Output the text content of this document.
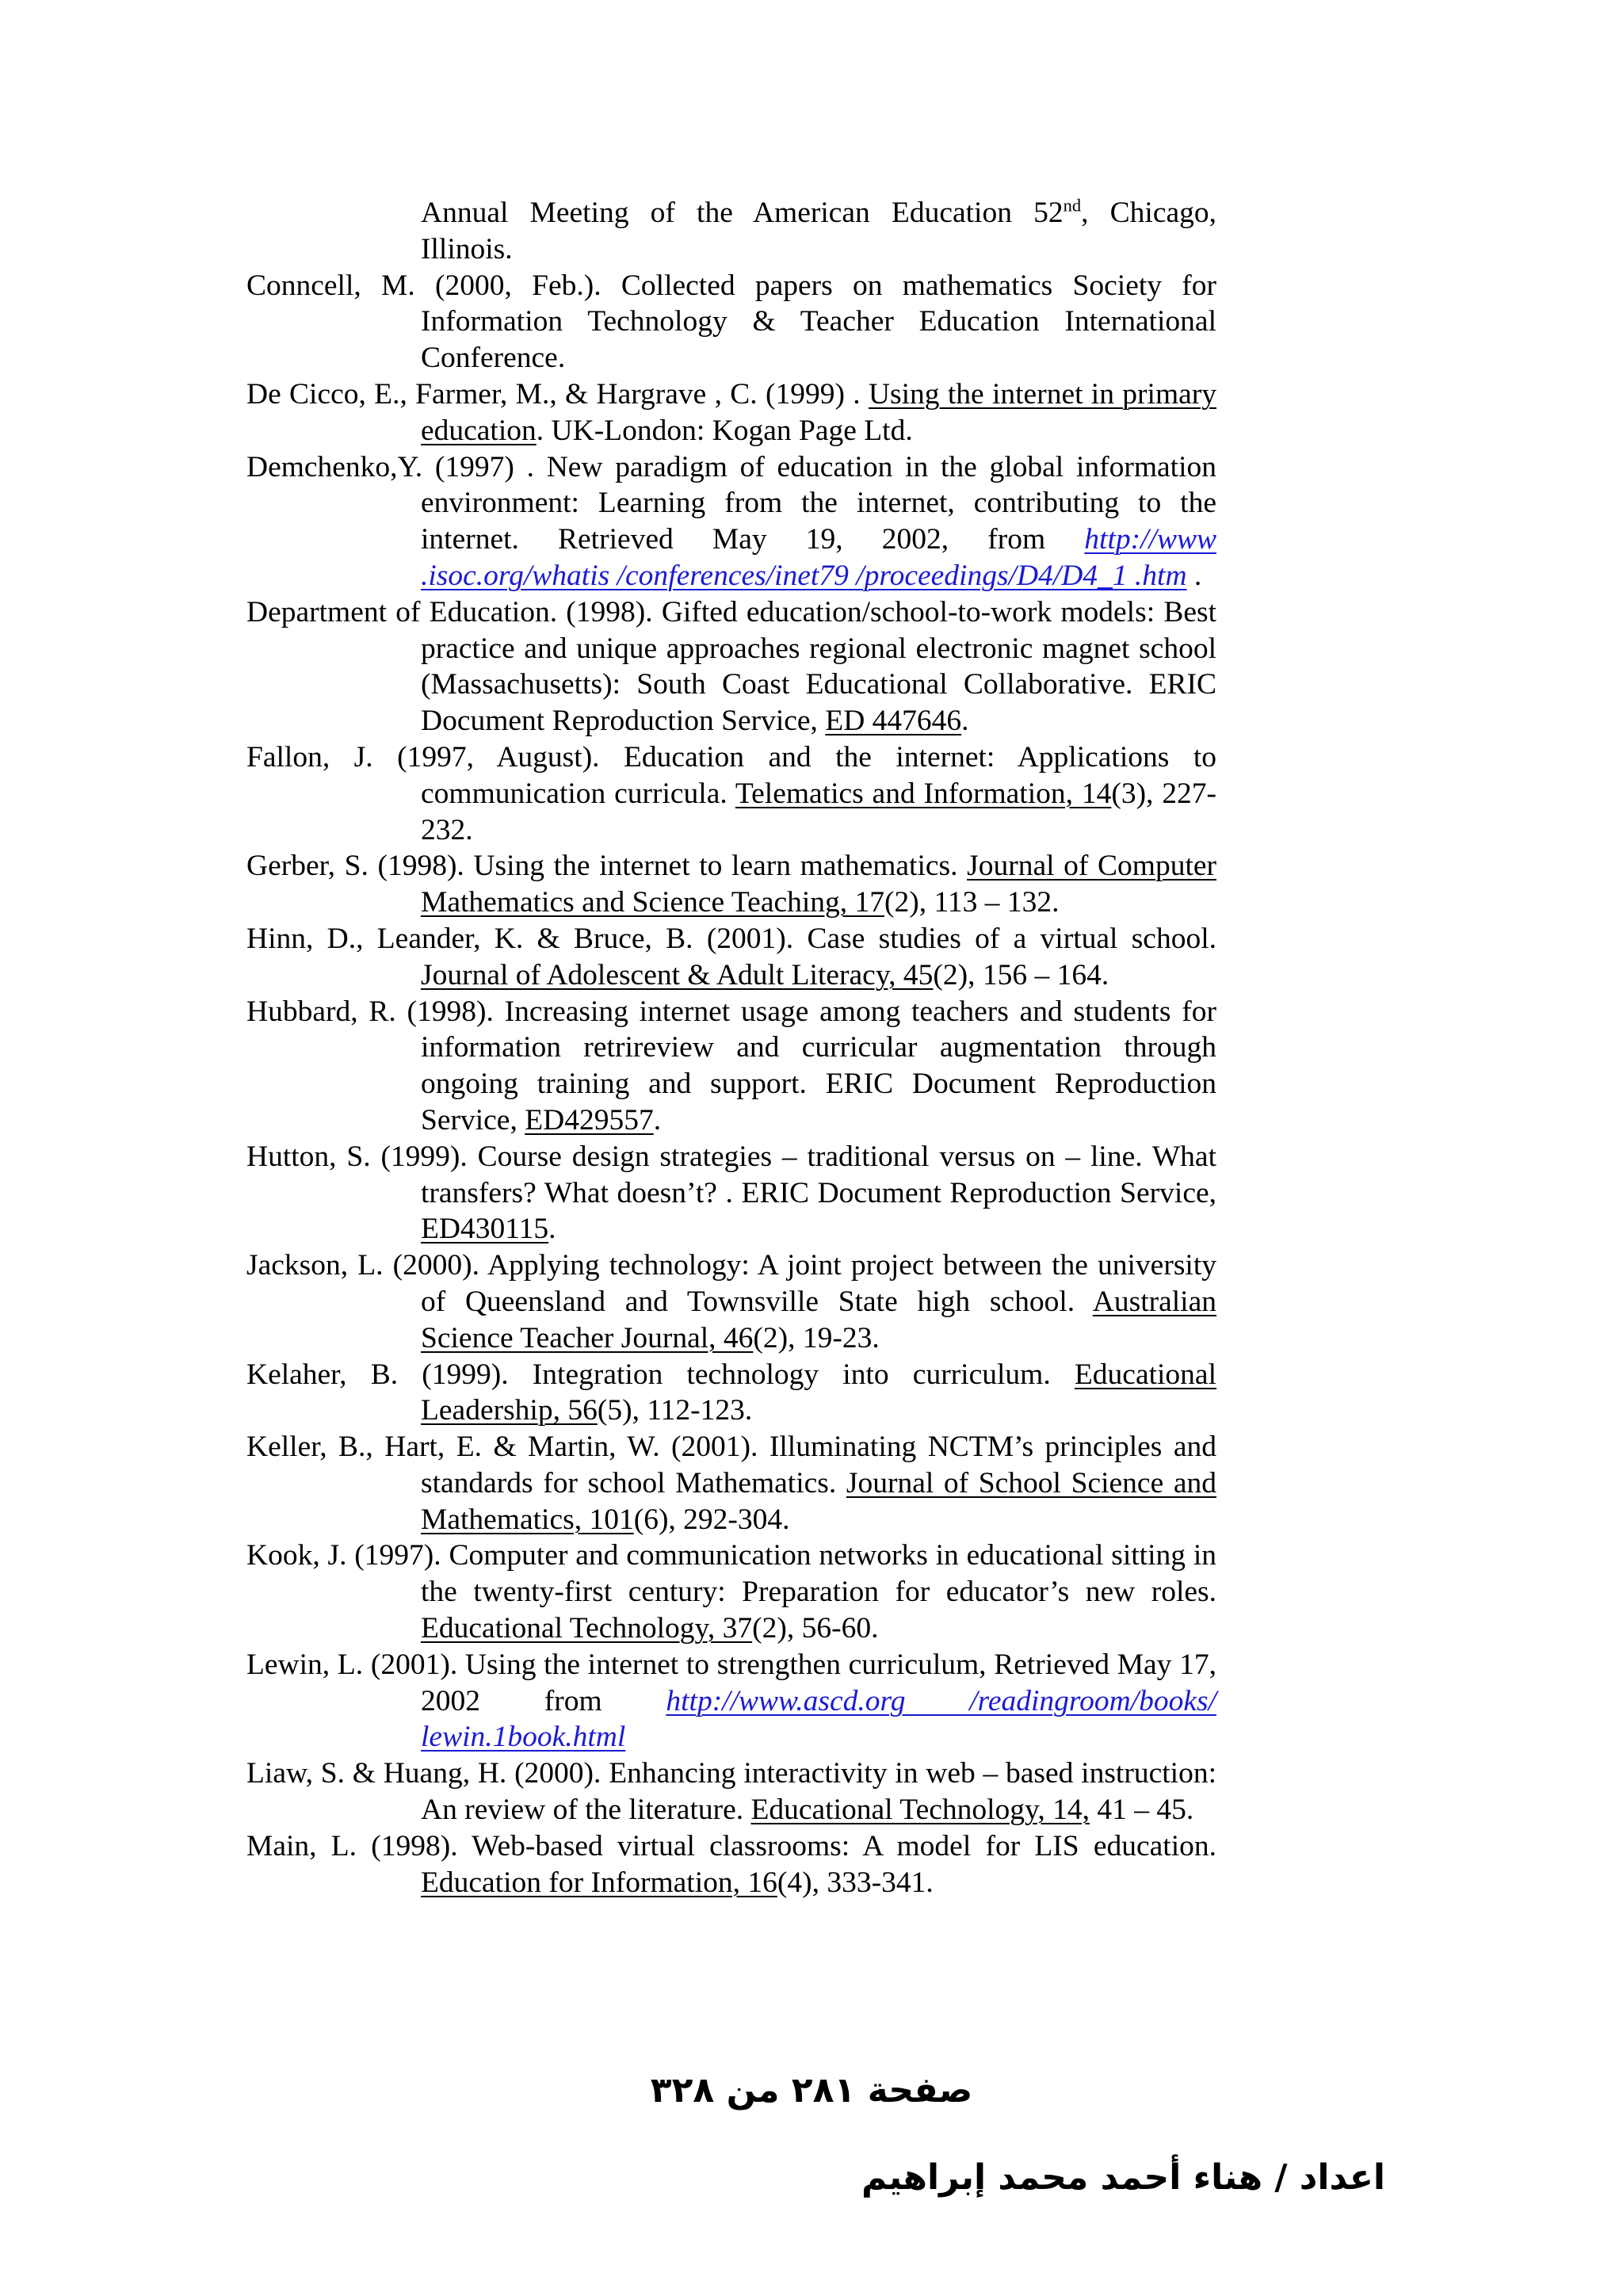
Annual Meeting of the American Education 52nd, Chicago, Illinois.

Conncell, M. (2000, Feb.). Collected papers on mathematics Society for Information Technology & Teacher Education International Conference.

De Cicco, E., Farmer, M., & Hargrave , C. (1999) . Using the internet in primary education. UK-London: Kogan Page Ltd.

Demchenko,Y. (1997) . New paradigm of education in the global information environment: Learning from the internet, contributing to the internet. Retrieved May 19, 2002, from http://www .isoc.org/whatis /conferences/inet79 /proceedings/D4/D4_1 .htm .

Department of Education. (1998). Gifted education/school-to-work models: Best practice and unique approaches regional electronic magnet school (Massachusetts): South Coast Educational Collaborative. ERIC Document Reproduction Service, ED 447646.

Fallon, J. (1997, August). Education and the internet: Applications to communication curricula. Telematics and Information, 14(3), 227-232.

Gerber, S. (1998). Using the internet to learn mathematics. Journal of Computer Mathematics and Science Teaching, 17(2), 113 – 132.

Hinn, D., Leander, K. & Bruce, B. (2001). Case studies of a virtual school. Journal of Adolescent & Adult Literacy, 45(2), 156 – 164.

Hubbard, R. (1998). Increasing internet usage among teachers and students for information retrireview and curricular augmentation through ongoing training and support. ERIC Document Reproduction Service, ED429557.

Hutton, S. (1999). Course design strategies – traditional versus on – line. What transfers? What doesn’t? . ERIC Document Reproduction Service, ED430115.

Jackson, L. (2000). Applying technology: A joint project between the university of Queensland and Townsville State high school. Australian Science Teacher Journal, 46(2), 19-23.

Kelaher, B. (1999). Integration technology into curriculum. Educational Leadership, 56(5), 112-123.

Keller, B., Hart, E. & Martin, W. (2001). Illuminating NCTM’s principles and standards for school Mathematics. Journal of School Science and Mathematics, 101(6), 292-304.

Kook, J. (1997). Computer and communication networks in educational sitting in the twenty-first century: Preparation for educator’s new roles. Educational Technology, 37(2), 56-60.

Lewin, L. (2001). Using the internet to strengthen curriculum, Retrieved May 17, 2002 from http://www.ascd.org /readingroom/books/ lewin.1book.html

Liaw, S. & Huang, H. (2000). Enhancing interactivity in web – based instruction: An review of the literature. Educational Technology, 14, 41 – 45.

Main, L. (1998). Web-based virtual classrooms: A model for LIS education. Education for Information, 16(4), 333-341.

صفحة ٢٨١ من ٣٢٨
اعداد / هناء أحمد محمد إبراهيم
